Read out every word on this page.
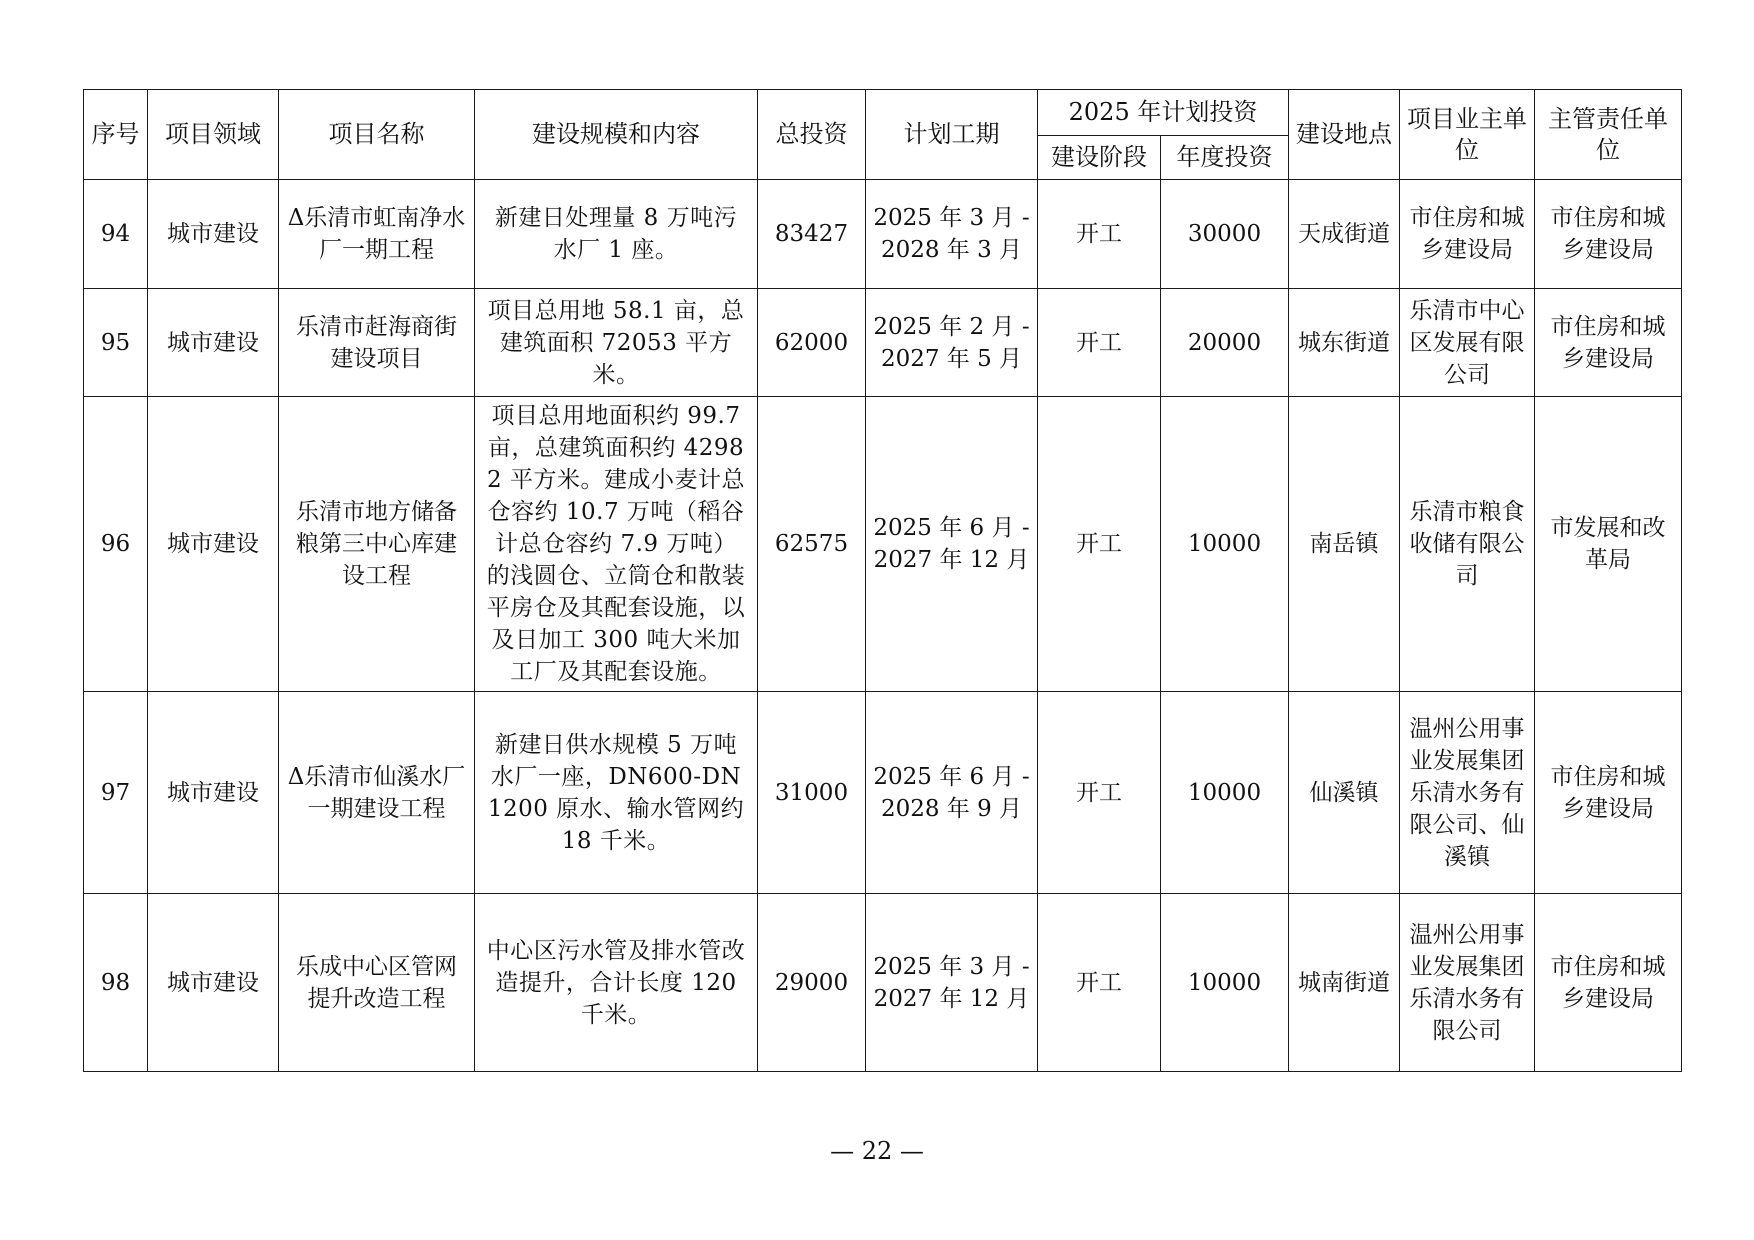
序号	项目领域	项目名称	建设规模和内容	总投资	计划工期	2025 年计划投资		建设地点	项目业主单位	主管责任单位
						建设阶段	年度投资			
94	城市建设	Δ乐清市虹南净水厂一期工程	新建日处理量 8 万吨污水厂 1 座。	83427	2025 年 3 月 -2028 年 3 月	开工	30000	天成街道	市住房和城乡建设局	市住房和城乡建设局
95	城市建设	乐清市赶海商街建设项目	项目总用地 58.1 亩，总建筑面积 72053 平方米。	62000	2025 年 2 月 -2027 年 5 月	开工	20000	城东街道	乐清市中心区发展有限公司	市住房和城乡建设局
96	城市建设	乐清市地方储备粮第三中心库建设工程	项目总用地面积约 99.7 亩，总建筑面积约 42982 平方米。建成小麦计总仓容约 10.7 万吨（稻谷计总仓容约 7.9 万吨）的浅圆仓、立筒仓和散装平房仓及其配套设施，以及日加工 300 吨大米加工厂及其配套设施。	62575	2025 年 6 月 -2027 年 12 月	开工	10000	南岳镇	乐清市粮食收储有限公司	市发展和改革局
97	城市建设	Δ乐清市仙溪水厂一期建设工程	新建日供水规模 5 万吨水厂一座，DN600-DN1200 原水、输水管网约 18 千米。	31000	2025 年 6 月 -2028 年 9 月	开工	10000	仙溪镇	温州公用事业发展集团乐清水务有限公司、仙溪镇	市住房和城乡建设局
98	城市建设	乐成中心区管网提升改造工程	中心区污水管及排水管改造提升，合计长度 120 千米。	29000	2025 年 3 月 -2027 年 12 月	开工	10000	城南街道	温州公用事业发展集团乐清水务有限公司	市住房和城乡建设局
— 22 —
